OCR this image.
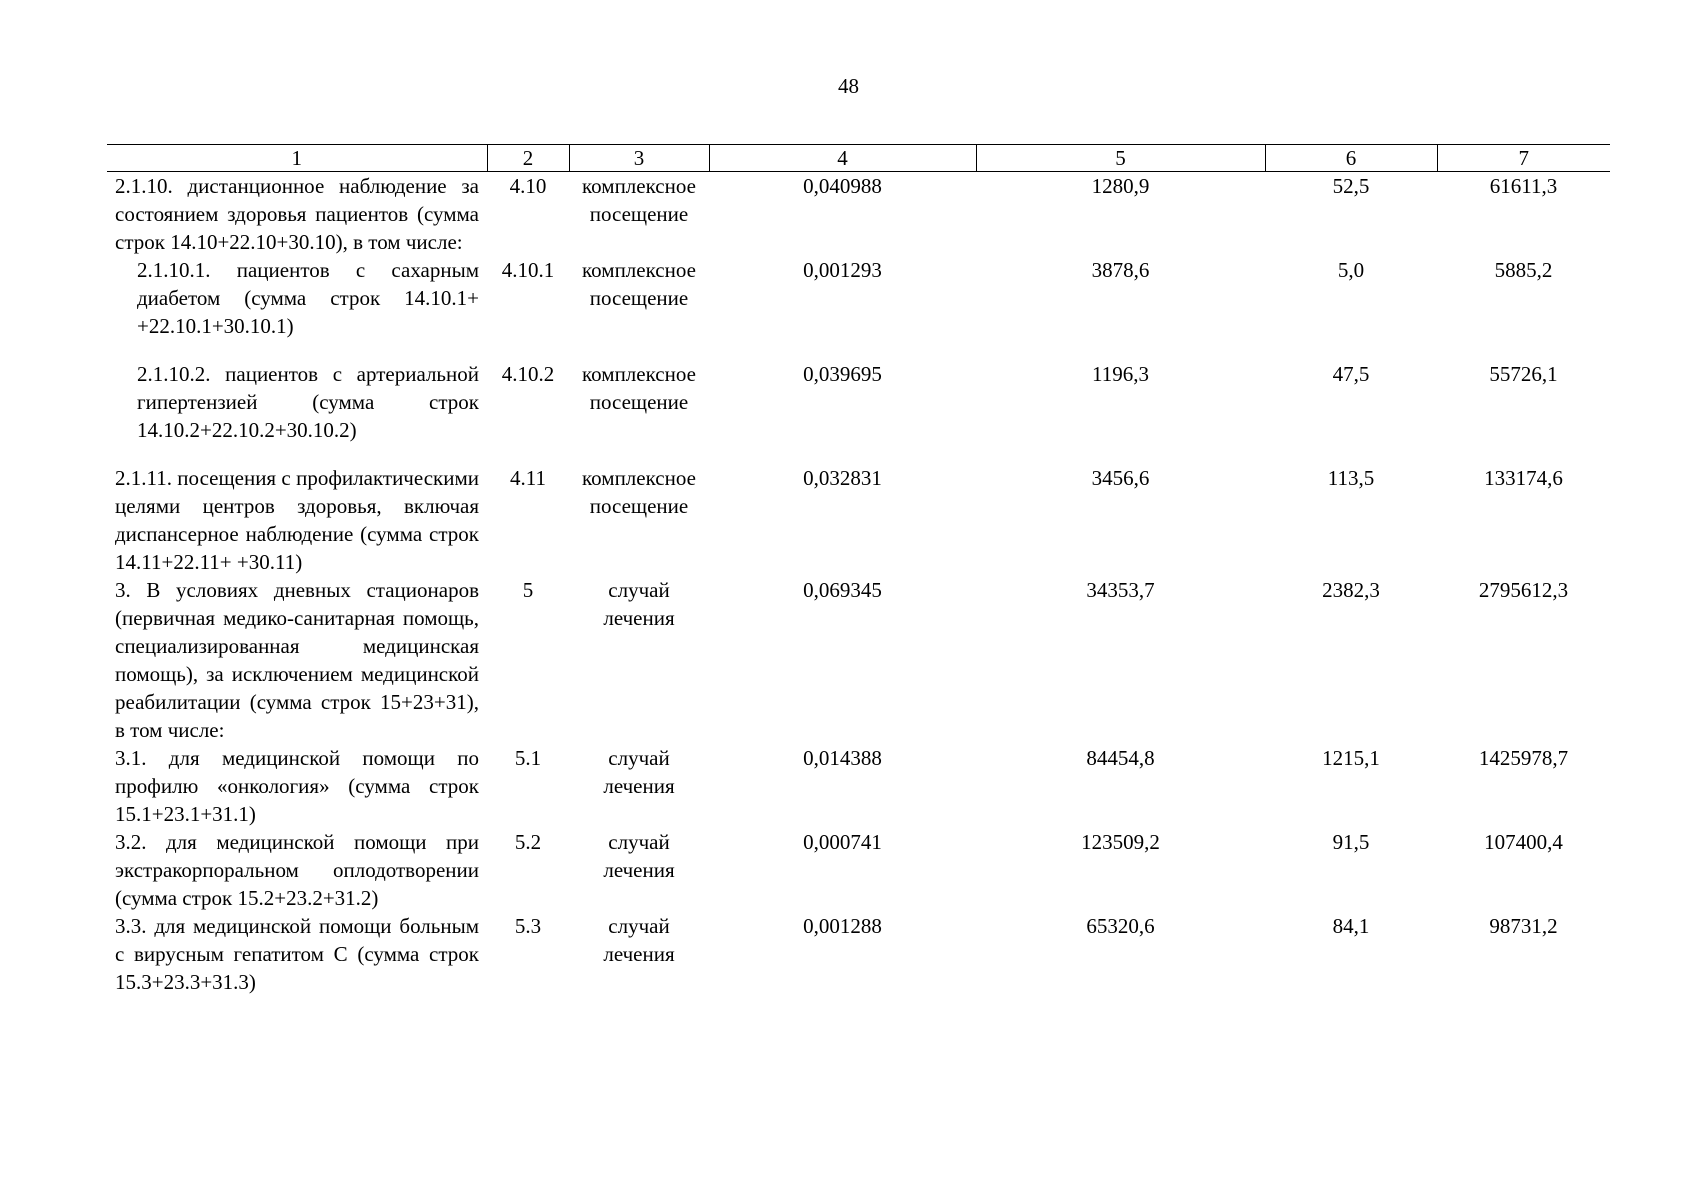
48
1	2	3	4	5	6	7
2.1.10. дистанционное наблюдение за состоянием здоровья пациентов (сумма строк 14.10+22.10+30.10), в том числе:	4.10	комплексное посещение	0,040988	1280,9	52,5	61611,3
2.1.10.1. пациентов с сахарным диабетом (сумма строк 14.10.1+ +22.10.1+30.10.1)	4.10.1	комплексное посещение	0,001293	3878,6	5,0	5885,2
2.1.10.2. пациентов с артериальной гипертензией (сумма строк 14.10.2+22.10.2+30.10.2)	4.10.2	комплексное посещение	0,039695	1196,3	47,5	55726,1
2.1.11. посещения с профилактическими целями центров здоровья, включая диспансерное наблюдение (сумма строк 14.11+22.11+ +30.11)	4.11	комплексное посещение	0,032831	3456,6	113,5	133174,6
3. В условиях дневных стационаров (первичная медико-санитарная помощь, специализированная медицинская помощь), за исключением медицинской реабилитации (сумма строк 15+23+31), в том числе:	5	случай лечения	0,069345	34353,7	2382,3	2795612,3
3.1. для медицинской помощи по профилю «онкология» (сумма строк 15.1+23.1+31.1)	5.1	случай лечения	0,014388	84454,8	1215,1	1425978,7
3.2. для медицинской помощи при экстракорпоральном оплодотворении (сумма строк 15.2+23.2+31.2)	5.2	случай лечения	0,000741	123509,2	91,5	107400,4
3.3. для медицинской помощи больным с вирусным гепатитом С (сумма строк 15.3+23.3+31.3)	5.3	случай лечения	0,001288	65320,6	84,1	98731,2
